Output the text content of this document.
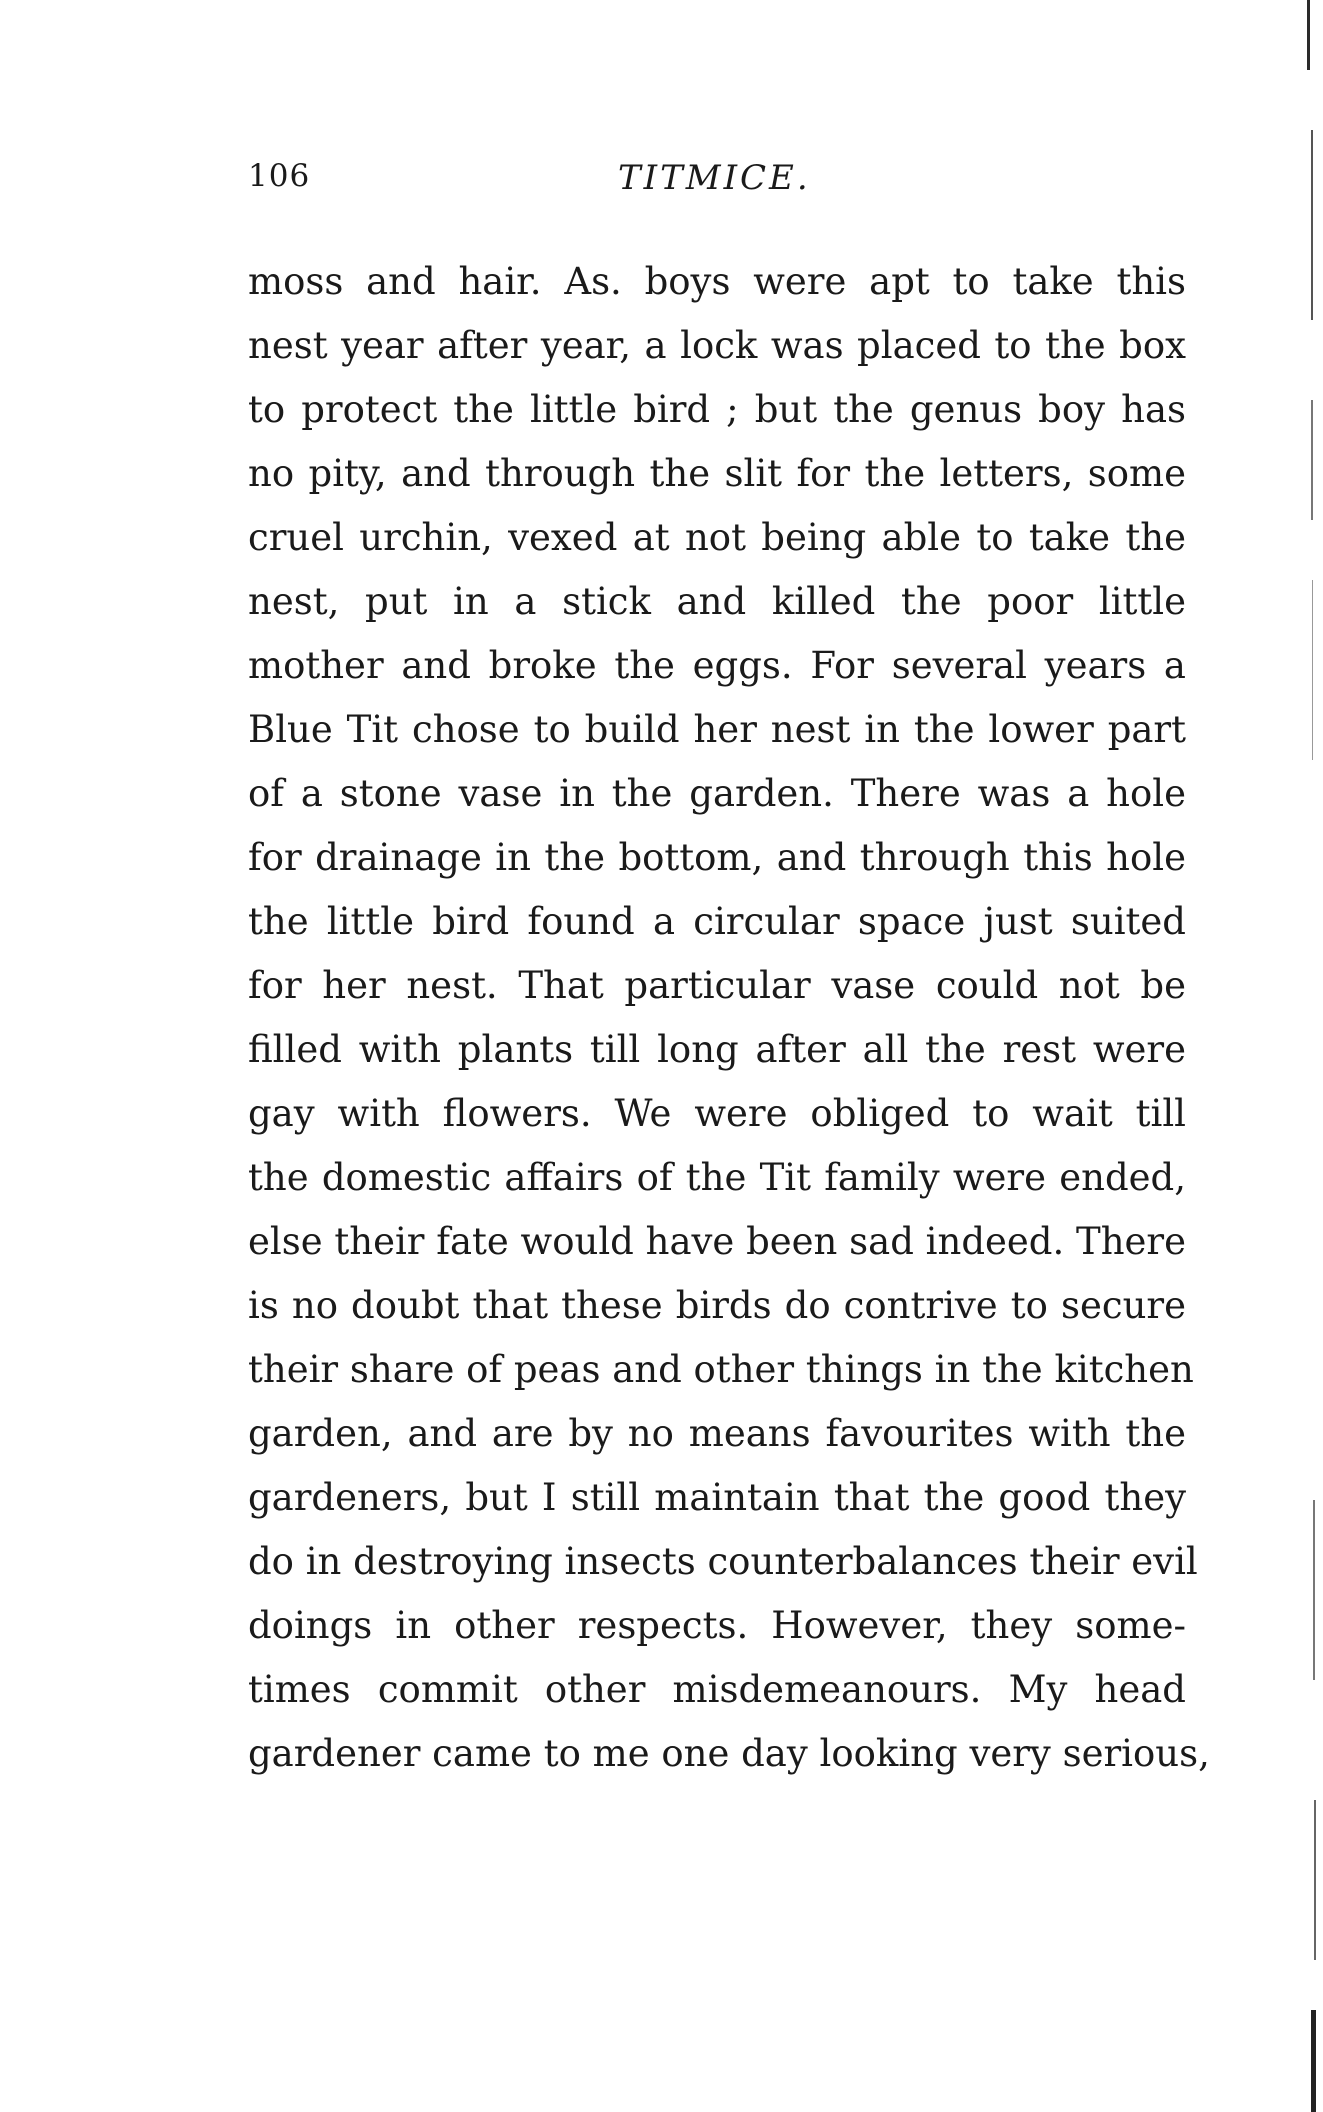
106	TITMICE.
moss and hair. As. boys were apt to take this
nest year after year, a lock was placed to the box
to protect the little bird ; but the genus boy has
no pity, and through the slit for the letters, some
cruel urchin, vexed at not being able to take the
nest, put in a stick and killed the poor little
mother and broke the eggs. For several years a
Blue Tit chose to build her nest in the lower part
of a stone vase in the garden. There was a hole
for drainage in the bottom, and through this hole
the little bird found a circular space just suited
for her nest. That particular vase could not be
filled with plants till long after all the rest were
gay with flowers. We were obliged to wait till
the domestic affairs of the Tit family were ended,
else their fate would have been sad indeed. There
is no doubt that these birds do contrive to secure
their share of peas and other things in the kitchen
garden, and are by no means favourites with the
gardeners, but I still maintain that the good they
do in destroying insects counterbalances their evil
doings in other respects. However, they some-
times commit other misdemeanours. My head
gardener came to me one day looking very serious,
